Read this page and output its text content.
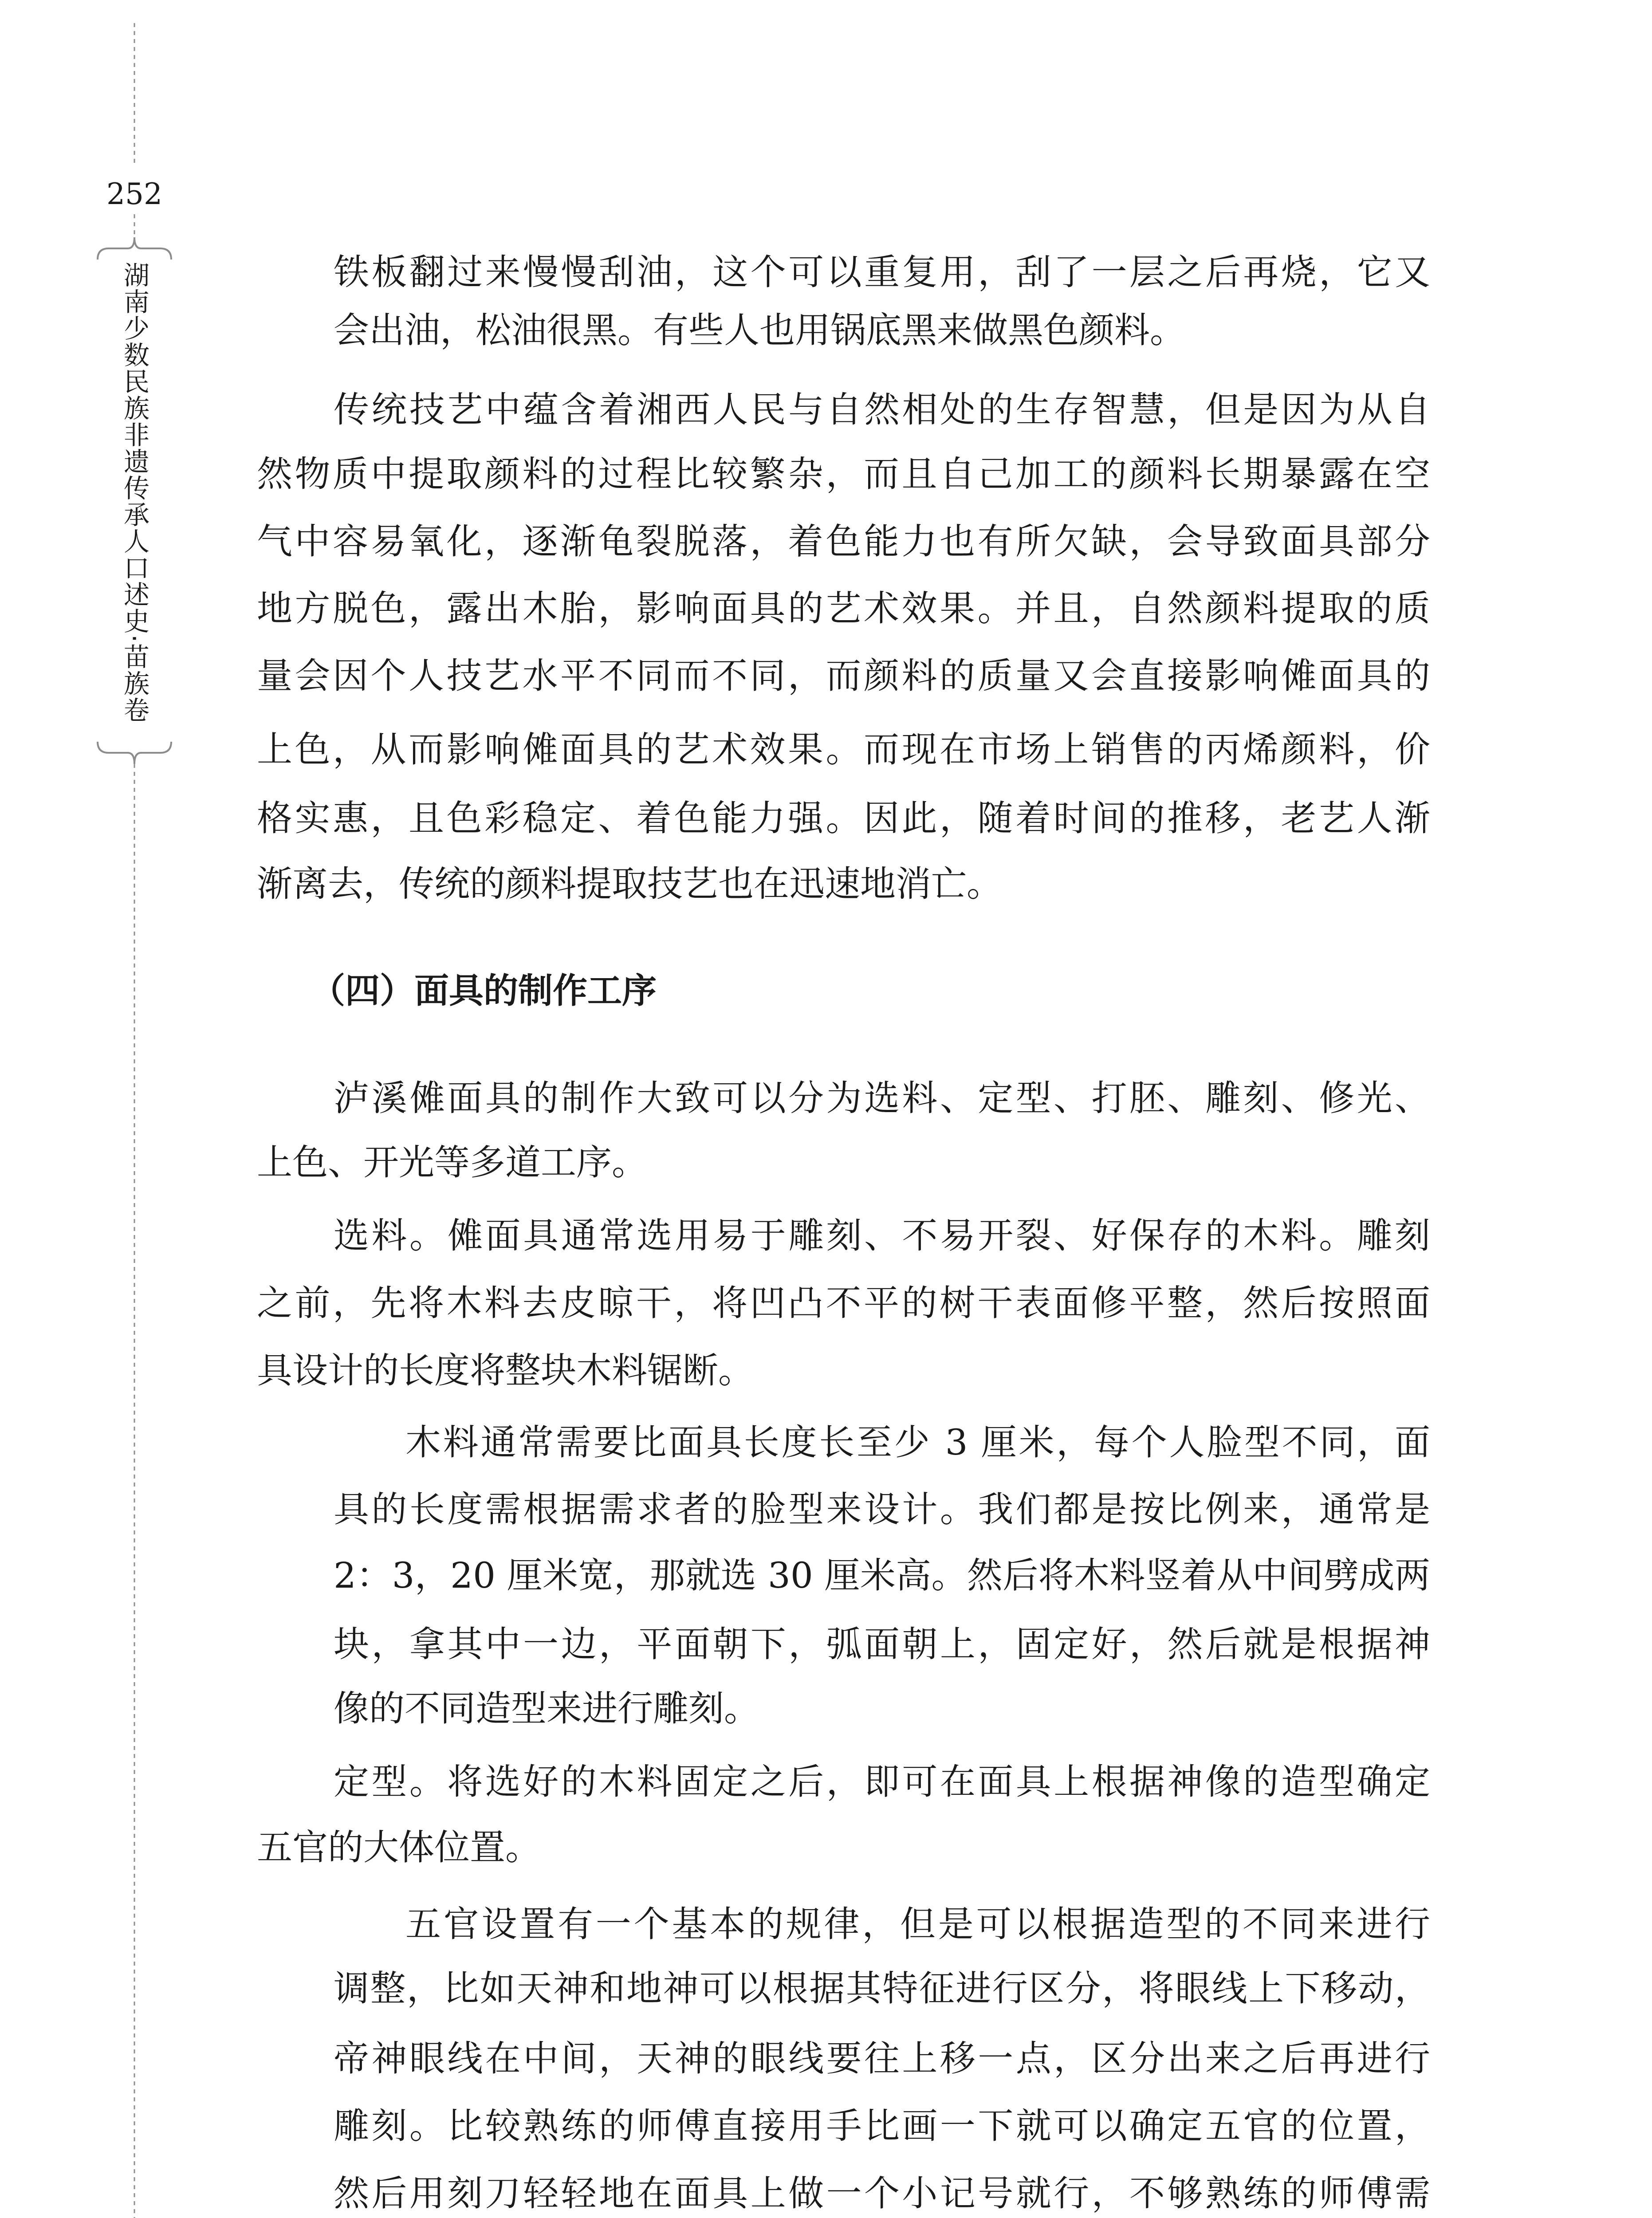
252
湖南少数民族非遗传承人口述史·苗族卷	铁板翻过来慢慢刮油，这个可以重复用，刮了一层之后再烧，它又
会出油，松油很黑。有些人也用锅底黑来做黑色颜料。
传统技艺中蕴含着湘西人民与自然相处的生存智慧，但是因为从自
然物质中提取颜料的过程比较繁杂，而且自己加工的颜料长期暴露在空
气中容易氧化，逐渐龟裂脱落，着色能力也有所欠缺，会导致面具部分
地方脱色，露出木胎，影响面具的艺术效果。并且，自然颜料提取的质
量会因个人技艺水平不同而不同，而颜料的质量又会直接影响傩面具的
上色，从而影响傩面具的艺术效果。而现在市场上销售的丙烯颜料，价
格实惠，且色彩稳定、着色能力强。因此，随着时间的推移，老艺人渐
渐离去，传统的颜料提取技艺也在迅速地消亡。
（四）面具的制作工序
泸溪傩面具的制作大致可以分为选料、定型、打胚、雕刻、修光、
上色、开光等多道工序。
选料。傩面具通常选用易于雕刻、不易开裂、好保存的木料。雕刻
之前，先将木料去皮晾干，将凹凸不平的树干表面修平整，然后按照面
具设计的长度将整块木料锯断。
木料通常需要比面具长度长至少 3 厘米，每个人脸型不同，面
具的长度需根据需求者的脸型来设计。我们都是按比例来，通常是
2：3，20 厘米宽，那就选 30 厘米高。然后将木料竖着从中间劈成两
块，拿其中一边，平面朝下，弧面朝上，固定好，然后就是根据神
像的不同造型来进行雕刻。
定型。将选好的木料固定之后，即可在面具上根据神像的造型确定
五官的大体位置。
五官设置有一个基本的规律，但是可以根据造型的不同来进行
调整，比如天神和地神可以根据其特征进行区分，将眼线上下移动，
帝神眼线在中间，天神的眼线要往上移一点，区分出来之后再进行
雕刻。比较熟练的师傅直接用手比画一下就可以确定五官的位置，
然后用刻刀轻轻地在面具上做一个小记号就行，不够熟练的师傅需
